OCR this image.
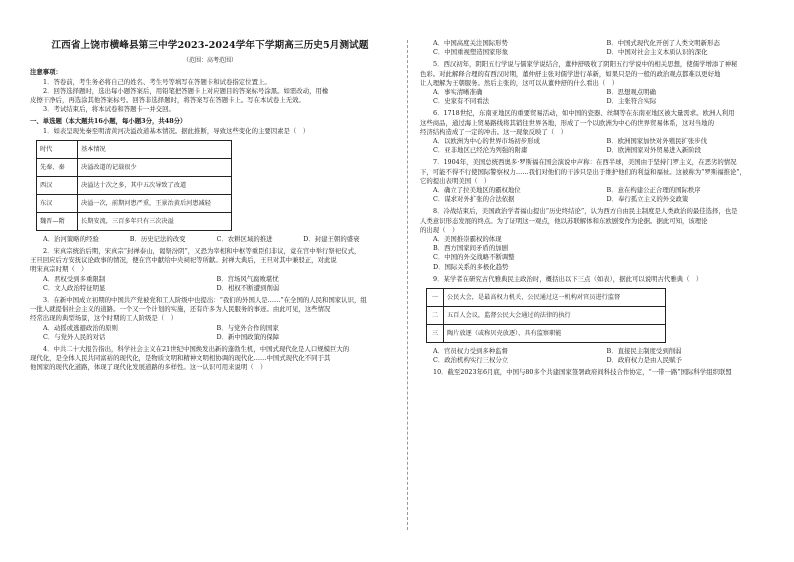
江西省上饶市横峰县第三中学2023-2024学年下学期高三历史5月测试题
（范围：高考范围）
注意事项：
1．答卷前，考生务必将自己的姓名、考生号等填写在答题卡和试卷指定位置上。
2．回答选择题时，选出每小题答案后，用铅笔把答题卡上对应题目的答案标号涂黑。如需改动，用橡
皮擦干净后，再选涂其他答案标号。回答非选择题时，将答案写在答题卡上。写在本试卷上无效。
3．考试结束后，将本试卷和答题卡一并交回。
一、单选题（本大题共16小题，每小题3分，共48分）
1．如表呈现先秦至明清黄河决溢改道基本情况。据此推断，导致这些变化的主要因素是（　）
时代	基本情况
先秦、秦	决溢改道的记载很少
西汉	决溢达十次之多，其中五次导致了改道
东汉	决溢一次，前期河患严重，王景治黄后河患减轻
魏晋—隋	长期安流，三百多年只有三次决溢
A．治河策略的经验	B．历史记法的改变	C．农耕区域的推进	D．封建王朝的盛衰
2．宋真宗统治后期，宋真宗“封禅泰山，谒祭汾阴”，又恐为宰相和中枢等重臣们非议，竟在宫中举行祭祀仪式，
王旦回应后方安抚议论政事的情况，便在宫中献给中央祠祀等所献。封禅大典后，王旦对其中兼驳正，对此说
明宋真宗时期（　）
A．君权受到多重限制	B．宫场风气腐败堪忧
C．文人政治特征明显	D．相权不断遭到削弱
3．在新中国成立初期的中国共产党被党和工人阶级中也提出：“我们的外国人是……”在全国的人民和国家认识，组
一批人就提倡社会主义的道路。一个又一个计划的实施，还有许多为人民服务的事迹。由此可见，这些情况
经常出现的典型场景，这个时期的工人阶级是（　）
A．动摇或逃避政治的原则	B．与党外合作的国家
C．与党外人民的对话	D．新中国政策的保障
4．中共二十大报告指出，科学社会主义在21世纪中国焕发出新的蓬勃生机，中国式现代化是人口规模巨大的
现代化，是全体人民共同富裕的现代化，是物质文明和精神文明相协调的现代化……中国式现代化不同于其
他国家的现代化道路，体现了现代化发展道路的多样性。这一认识可用来说明（　）
A．中国高度关注国际形势	B．中国式现代化开创了人类文明新形态
C．中国重视塑造国家形象	D．中国对社会主义本质认识的深化
5．西汉初年，阴阳五行学说与儒家学说结合，董仲舒吸收了阴阳五行学说中的相关思想，使儒学增添了神秘
色彩。对此解释合理的有西汉时期，董仲舒主张对儒学进行革新，如果只是的一般的政治观点都难以更好地
让人理解为王朝服务。然后主张的，这可以从董仲舒的什么看出（　）
A．事实清晰准确	B．思想观点明确
C．史家有不同看法	D．主张符合实际
6．1718世纪，东南亚地区的重要贸易活动，如中国的瓷器、丝绸等在东南亚地区被大量需求。欧洲人利用
这些商品，通过海上贸易路线将其销往世界各地，形成了一个以欧洲为中心的世界贸易体系，这对当地的
经济结构造成了一定的冲击。这一现象反映了（　）
A．以欧洲为中心的世界市场初步形成	B．欧洲国家加快对外殖民扩张步伐
C．亚非地区已经沦为列强的附庸	D．欧洲国家对外贸易进入新阶段
7．1904年，美国总统西奥多·罗斯福在国会演说中声称：在西半球，美国由于坚持门罗主义，在恶劣的情况
下，可能不得不行使国际警察权力……我们对他们的干涉只是出于维护他们的利益和福祉。这被称为“罗斯福推论”，
它的提出表明美国（　）
A．确立了拉美地区的霸权地位	B．意在构建公正合理的国际秩序
C．谋求对外扩张的合法依据	D．奉行孤立主义的外交政策
8．冷战结束后，美国政治学者福山提出“历史终结论”，认为西方自由民主制度是人类政治的最佳选择，也是
人类意识形态发展的终点。为了证明这一观点，他以苏联解体和东欧剧变作为论据。据此可知，该理论
的出现（　）
A．美国推崇霸权的体现
B．西方国家间矛盾的加剧
C．中国的外交战略不断调整
D．国际关系的多极化趋势
9．某学者在研究古代雅典民主政治时，概括出以下三点（如表），据此可以说明古代雅典（　）
一	公民大会，是最高权力机关，公民通过这一机构对官员进行监督
二	五百人会议，监督公民大会通过的法律的执行
三	陶片放逐（或称贝壳放逐），具有监察职能
A．官员权力受到多种监督	B．直接民主制度受到削弱
C．政治机构实行三权分立	D．政府权力是由人民赋予
10．截至2023年6月底，中国与80多个共建国家签署政府间科技合作协定，“一带一路”国际科学组织联盟
